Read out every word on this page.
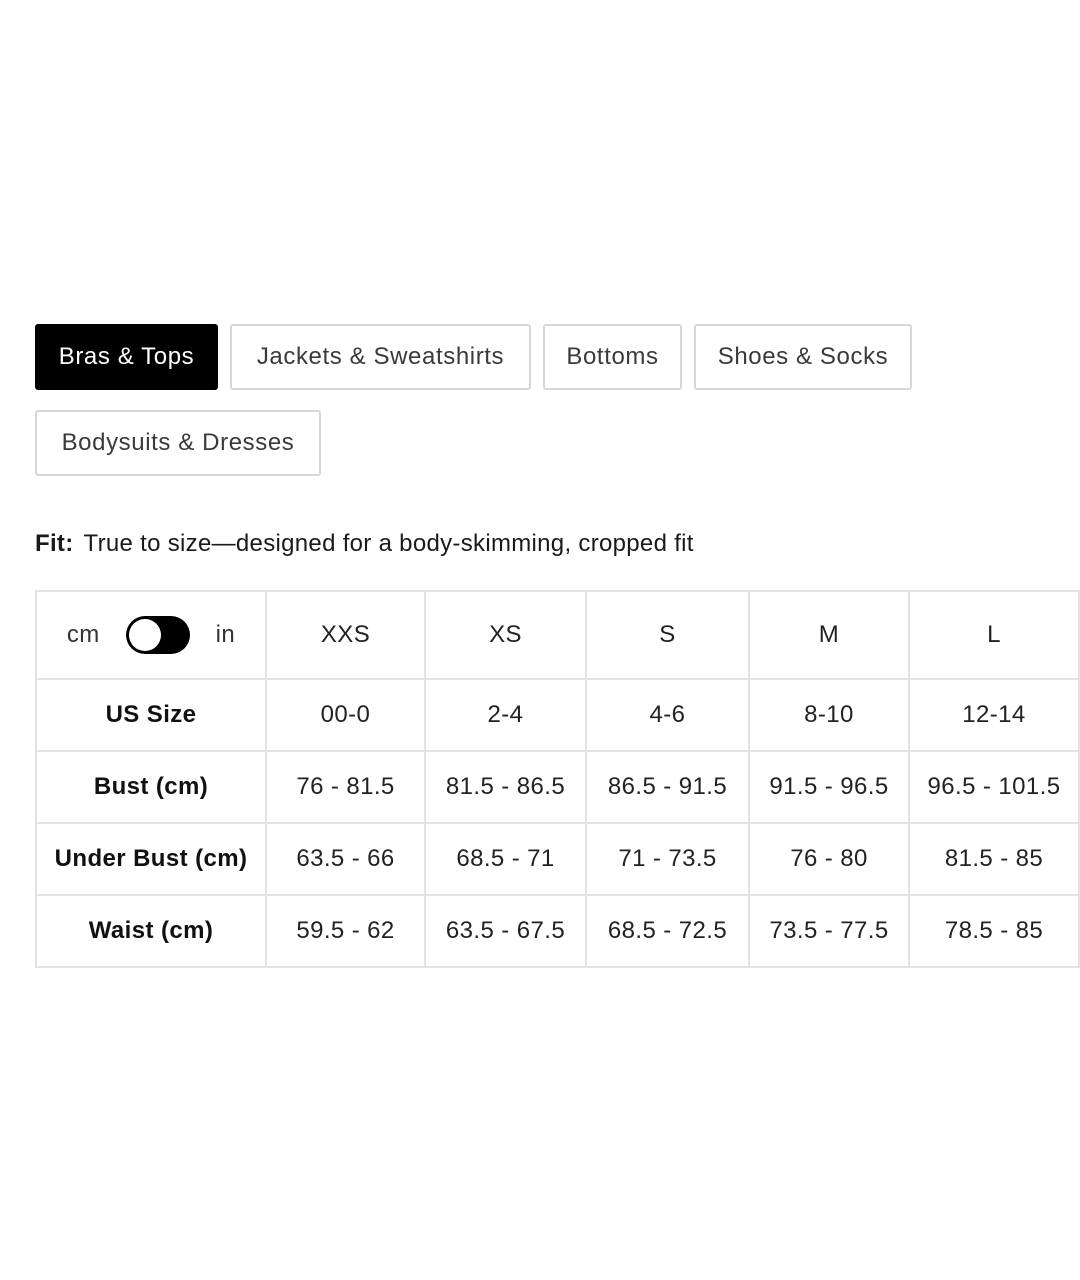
Bras & Tops	Jackets & Sweatshirts	Bottoms	Shoes & Socks
Bodysuits & Dresses
Fit: True to size—designed for a body-skimming, cropped fit
cm in	XXS	XS	S	M	L	
US Size	00-0	2-4	4-6	8-10	12-14	
Bust (cm)	76 - 81.5	81.5 - 86.5	86.5 - 91.5	91.5 - 96.5	96.5 - 101.5	
Under Bust (cm)	63.5 - 66	68.5 - 71	71 - 73.5	76 - 80	81.5 - 85	
Waist (cm)	59.5 - 62	63.5 - 67.5	68.5 - 72.5	73.5 - 77.5	78.5 - 85	
